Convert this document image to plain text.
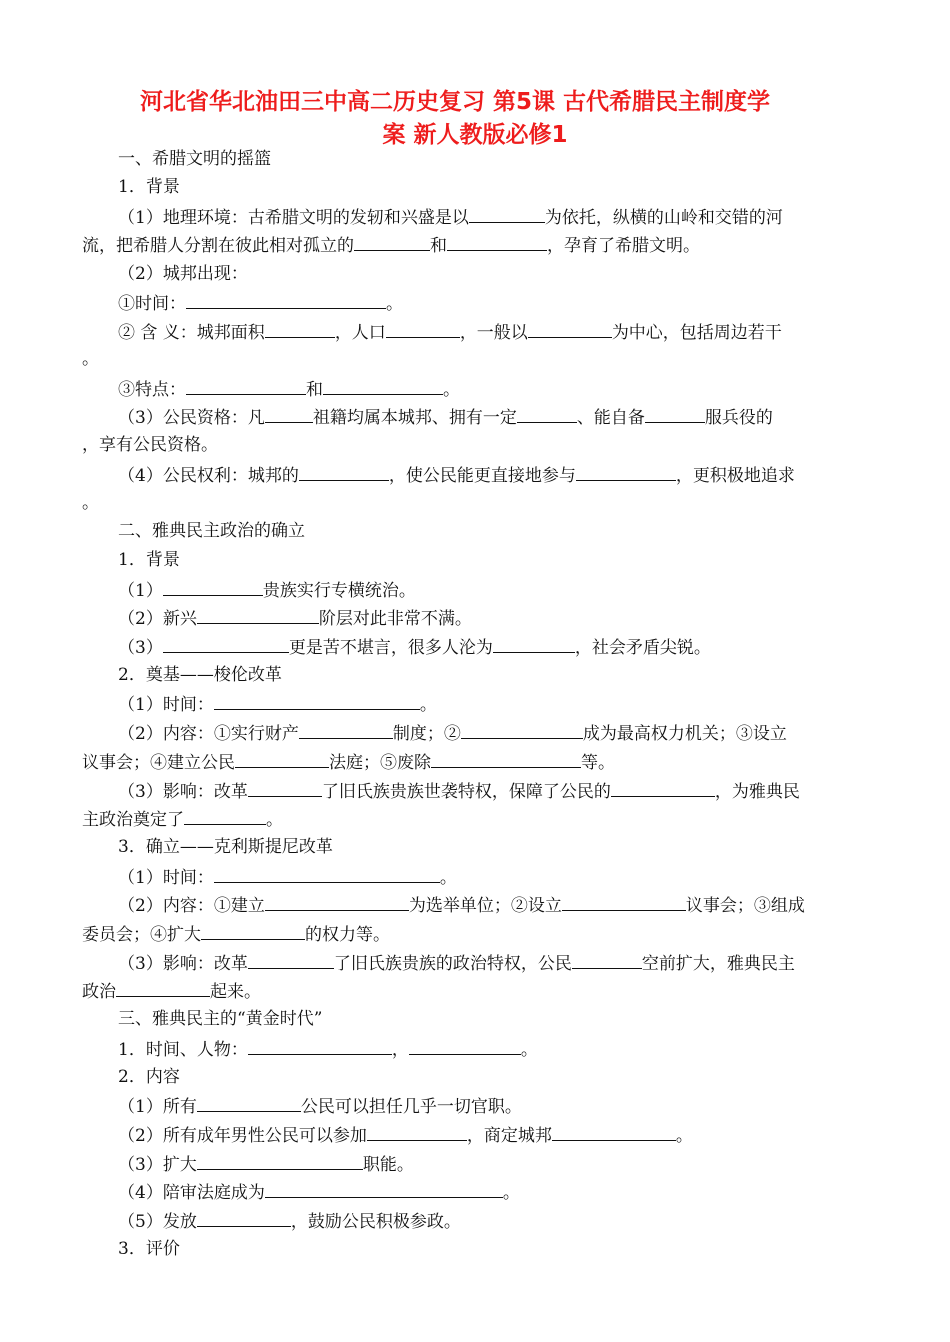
河北省华北油田三中高二历史复习 第5课 古代希腊民主制度学
案 新人教版必修1
一、希腊文明的摇篮
1．背景
（1）地理环境：古希腊文明的发轫和兴盛是以	为依托，纵横的山岭和交错的河
流，把希腊人分割在彼此相对孤立的	和	，孕育了希腊文明。
（2）城邦出现：
①时间：	。
② 含 义：城邦面积	，人口	，一般以	为中心，包括周边若干
。
③特点：	和	。
（3）公民资格：凡	祖籍均属本城邦、拥有一定	、能自备	服兵役的
，享有公民资格。
（4）公民权利：城邦的	，使公民能更直接地参与	，更积极地追求
。
二、雅典民主政治的确立
1．背景
（1）	贵族实行专横统治。
（2）新兴	阶层对此非常不满。
（3）	更是苦不堪言，很多人沦为	，社会矛盾尖锐。
2．奠基——梭伦改革
（1）时间：	。
（2）内容：①实行财产	制度；②	成为最高权力机关；③设立
议事会；④建立公民	法庭；⑤废除	等。
（3）影响：改革	了旧氏族贵族世袭特权，保障了公民的	，为雅典民
主政治奠定了	。
3．确立——克利斯提尼改革
（1）时间：	。
（2）内容：①建立	为选举单位；②设立	议事会；③组成
委员会；④扩大	的权力等。
（3）影响：改革	了旧氏族贵族的政治特权，公民	空前扩大，雅典民主
政治	起来。
三、雅典民主的“黄金时代”
1．时间、人物：	，	。
2．内容
（1）所有	公民可以担任几乎一切官职。
（2）所有成年男性公民可以参加	，商定城邦	。
（3）扩大	职能。
（4）陪审法庭成为	。
（5）发放	，鼓励公民积极参政。
3．评价
